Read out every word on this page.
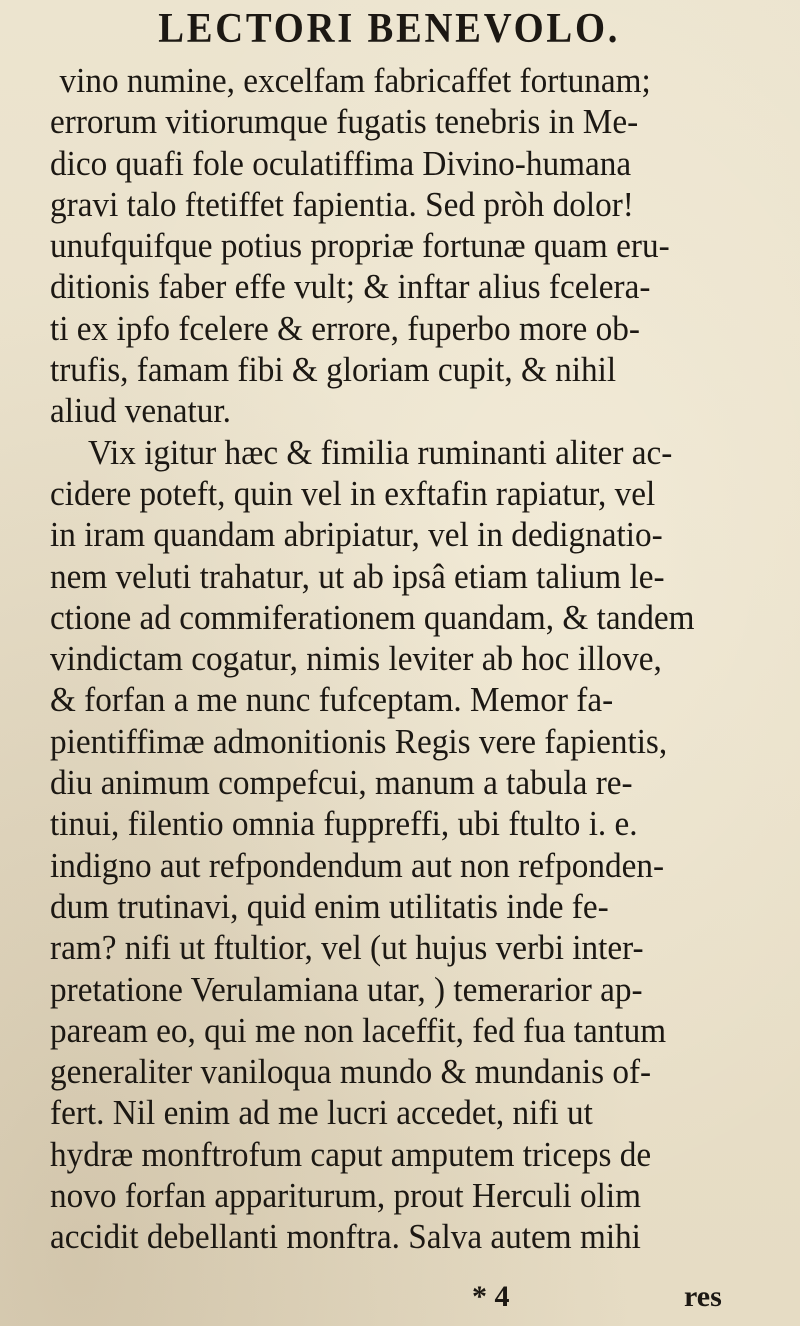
LECTORI BENEVOLO.
vino numine, excelfam fabricaffet fortunam;
errorum vitiorumque fugatis tenebris in Me-
dico quafi fole oculatiffima Divino-humana
gravi talo ftetiffet fapientia. Sed pròh dolor!
unufquifque potius propriæ fortunæ quam eru-
ditionis faber effe vult; & inftar alius fcelera-
ti ex ipfo fcelere & errore, fuperbo more ob-
trufis, famam fibi & gloriam cupit, & nihil
aliud venatur.
Vix igitur hæc & fimilia ruminanti aliter ac-
cidere poteft, quin vel in exftafin rapiatur, vel
in iram quandam abripiatur, vel in dedignatio-
nem veluti trahatur, ut ab ipsâ etiam talium le-
ctione ad commiferationem quandam, & tandem
vindictam cogatur, nimis leviter ab hoc illove,
& forfan a me nunc fufceptam. Memor fa-
pientiffimæ admonitionis Regis vere fapientis,
diu animum compefcui, manum a tabula re-
tinui, filentio omnia fuppreffi, ubi ftulto i. e.
indigno aut refpondendum aut non refponden-
dum trutinavi, quid enim utilitatis inde fe-
ram? nifi ut ftultior, vel (ut hujus verbi inter-
pretatione Verulamiana utar, ) temerarior ap-
paream eo, qui me non laceffit, fed fua tantum
generaliter vaniloqua mundo & mundanis of-
fert. Nil enim ad me lucri accedet, nifi ut
hydræ monftrofum caput amputem triceps de
novo forfan appariturum, prout Herculi olim
accidit debellanti monftra. Salva autem mihi
* 4	res
